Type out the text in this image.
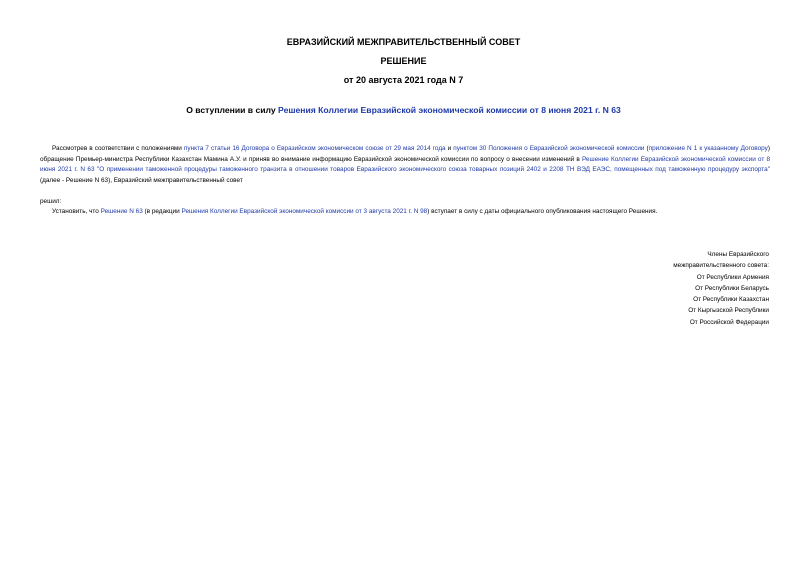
ЕВРАЗИЙСКИЙ МЕЖПРАВИТЕЛЬСТВЕННЫЙ СОВЕТ
РЕШЕНИЕ
от 20 августа 2021 года N 7
О вступлении в силу Решения Коллегии Евразийской экономической комиссии от 8 июня 2021 г. N 63
Рассмотрев в соответствии с положениями пункта 7 статьи 16 Договора о Евразийском экономическом союзе от 29 мая 2014 года и пунктом 30 Положения о Евразийской экономической комиссии (приложение N 1 к указанному Договору) обращение Премьер-министра Республики Казахстан Мамина А.У. и приняв во внимание информацию Евразийской экономической комиссии по вопросу о внесении изменений в Решение Коллегии Евразийской экономической комиссии от 8 июня 2021 г. N 63 "О применении таможенной процедуры таможенного транзита в отношении товаров Евразийского экономического союза товарных позиций 2402 и 2208 ТН ВЭД ЕАЭС, помещенных под таможенную процедуру экспорта" (далее - Решение N 63), Евразийский межправительственный совет
решил:
Установить, что Решение N 63 (в редакции Решения Коллегии Евразийской экономической комиссии от 3 августа 2021 г. N 98) вступает в силу с даты официального опубликования настоящего Решения.
Члены Евразийского
межправительственного совета:
От Республики Армения
От Республики Беларусь
От Республики Казахстан
От Кыргызской Республики
От Российской Федерации
